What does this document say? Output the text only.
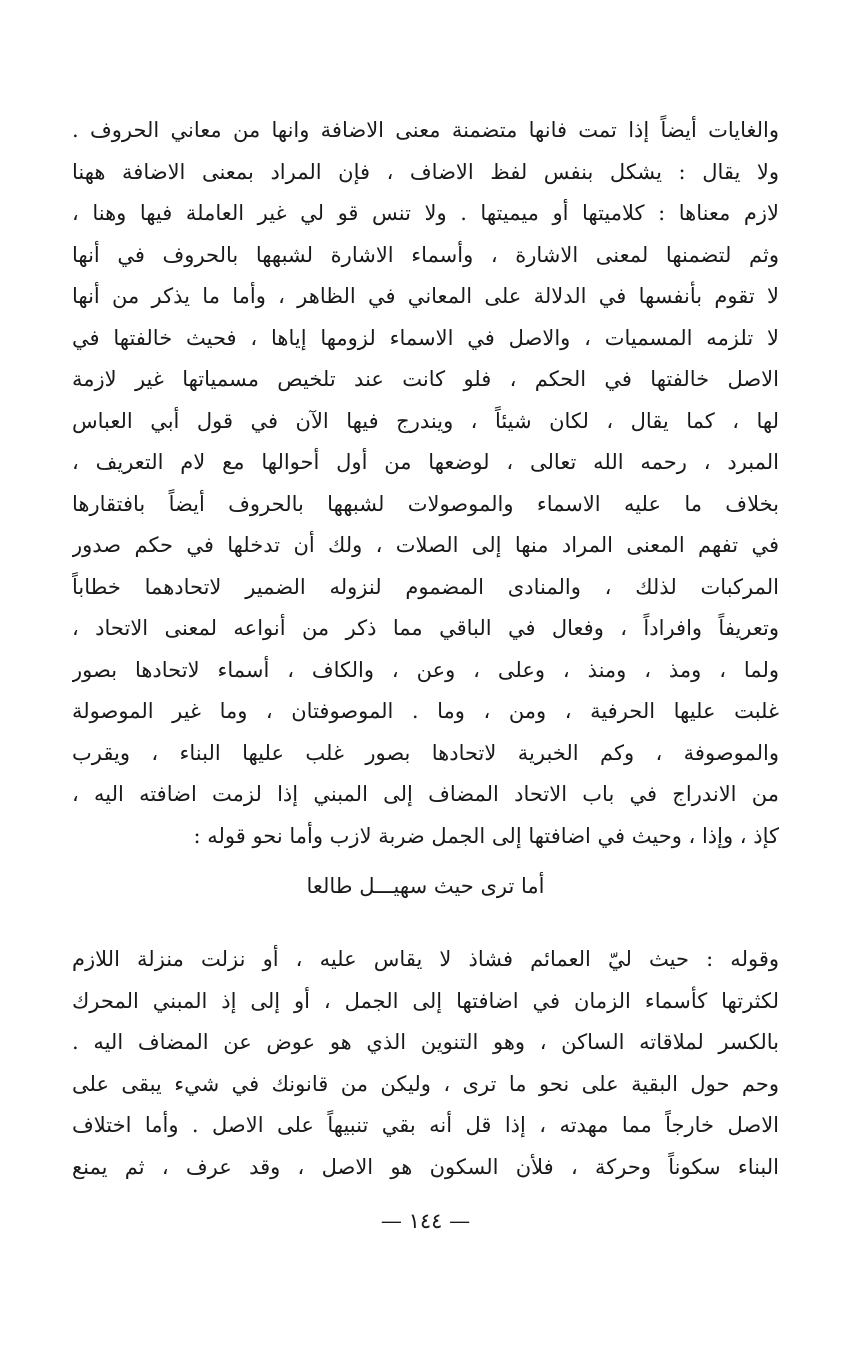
والغايات أيضاً إذا تمت فانها متضمنة معنى الاضافة وانها من معاني الحروف .
ولا يقال : يشكل بنفس لفظ الاضاف ، فإن المراد بمعنى الاضافة ههنا
لازم معناها : كلاميتها أو ميميتها . ولا تنس قو لي غير العاملة فيها وهنا ،
وثم لتضمنها لمعنى الاشارة ، وأسماء الاشارة لشبهها بالحروف في أنها
لا تقوم بأنفسها في الدلالة على المعاني في الظاهر ، وأما ما يذكر من أنها
لا تلزمه المسميات ، والاصل في الاسماء لزومها إياها ، فحيث خالفتها في
الاصل خالفتها في الحكم ، فلو كانت عند تلخيص مسمياتها غير لازمة
لها ، كما يقال ، لكان شيئاً ، ويندرج فيها الآن في قول أبي العباس
المبرد ، رحمه الله تعالى ، لوضعها من أول أحوالها مع لام التعريف ،
بخلاف ما عليه الاسماء والموصولات لشبهها بالحروف أيضاً بافتقارها
في تفهم المعنى المراد منها إلى الصلات ، ولك أن تدخلها في حكم صدور
المركبات لذلك ، والمنادى المضموم لنزوله الضمير لاتحادهما خطاباً
وتعريفاً وافراداً ، وفعال في الباقي مما ذكر من أنواعه لمعنى الاتحاد ،
ولما ، ومذ ، ومنذ ، وعلى ، وعن ، والكاف ، أسماء لاتحادها بصور
غلبت عليها الحرفية ، ومن ، وما . الموصوفتان ، وما غير الموصولة
والموصوفة ، وكم الخبرية لاتحادها بصور غلب عليها البناء ، ويقرب
من الاندراج في باب الاتحاد المضاف إلى المبني إذا لزمت اضافته اليه ،
كإذ ، وإذا ، وحيث في اضافتها إلى الجمل ضربة لازب وأما نحو قوله :
أما ترى حيث سهيـــل طالعا
وقوله : حيث ليّ العمائم فشاذ لا يقاس عليه ، أو نزلت منزلة اللازم
لكثرتها كأسماء الزمان في اضافتها إلى الجمل ، أو إلى إذ المبني المحرك
بالكسر لملاقاته الساكن ، وهو التنوين الذي هو عوض عن المضاف اليه .
وحم حول البقية على نحو ما ترى ، وليكن من قانونك في شيء يبقى على
الاصل خارجاً مما مهدته ، إذا قل أنه بقي تنبيهاً على الاصل . وأما اختلاف
البناء سكوناً وحركة ، فلأن السكون هو الاصل ، وقد عرف ، ثم يمنع
— ١٤٤ —
